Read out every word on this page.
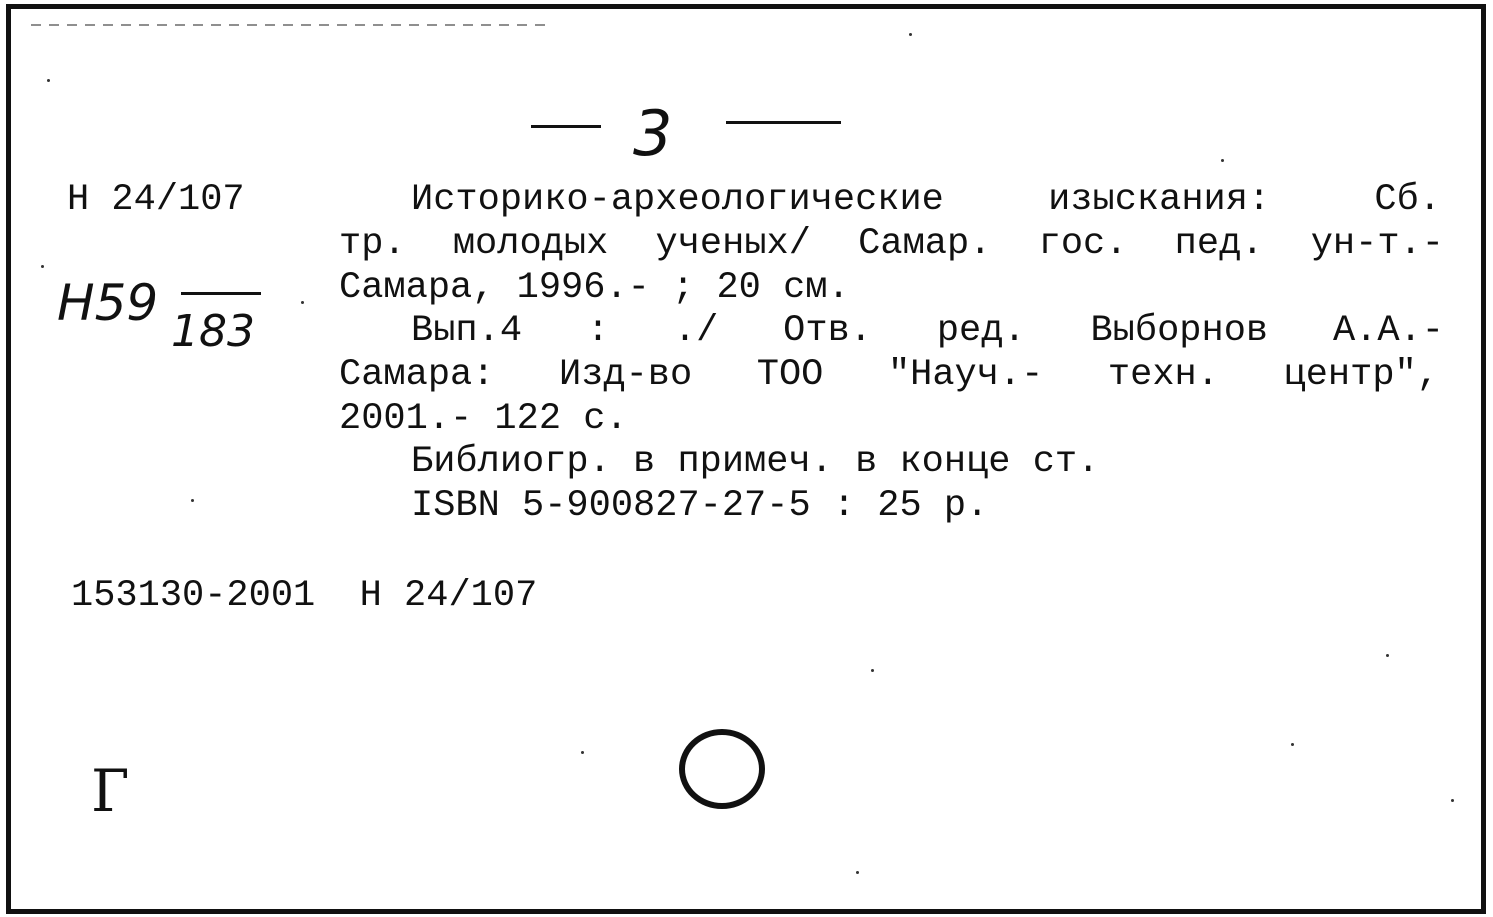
3
Н 24/107
Н59 183
Историко-археологические	изыскания:	Сб.
тр. молодых ученых/ Самар. гос. пед. ун-т.-
Самара, 1996.- ; 20 см.
Вып.4 : ./ Отв. ред. Выборнов А.А.-
Самара: Изд-во ТОО "Науч.- техн. центр",
2001.- 122 с.
Библиогр. в примеч. в конце ст.
ISBN 5-900827-27-5 : 25 р.
153130-2001  Н 24/107
Г
